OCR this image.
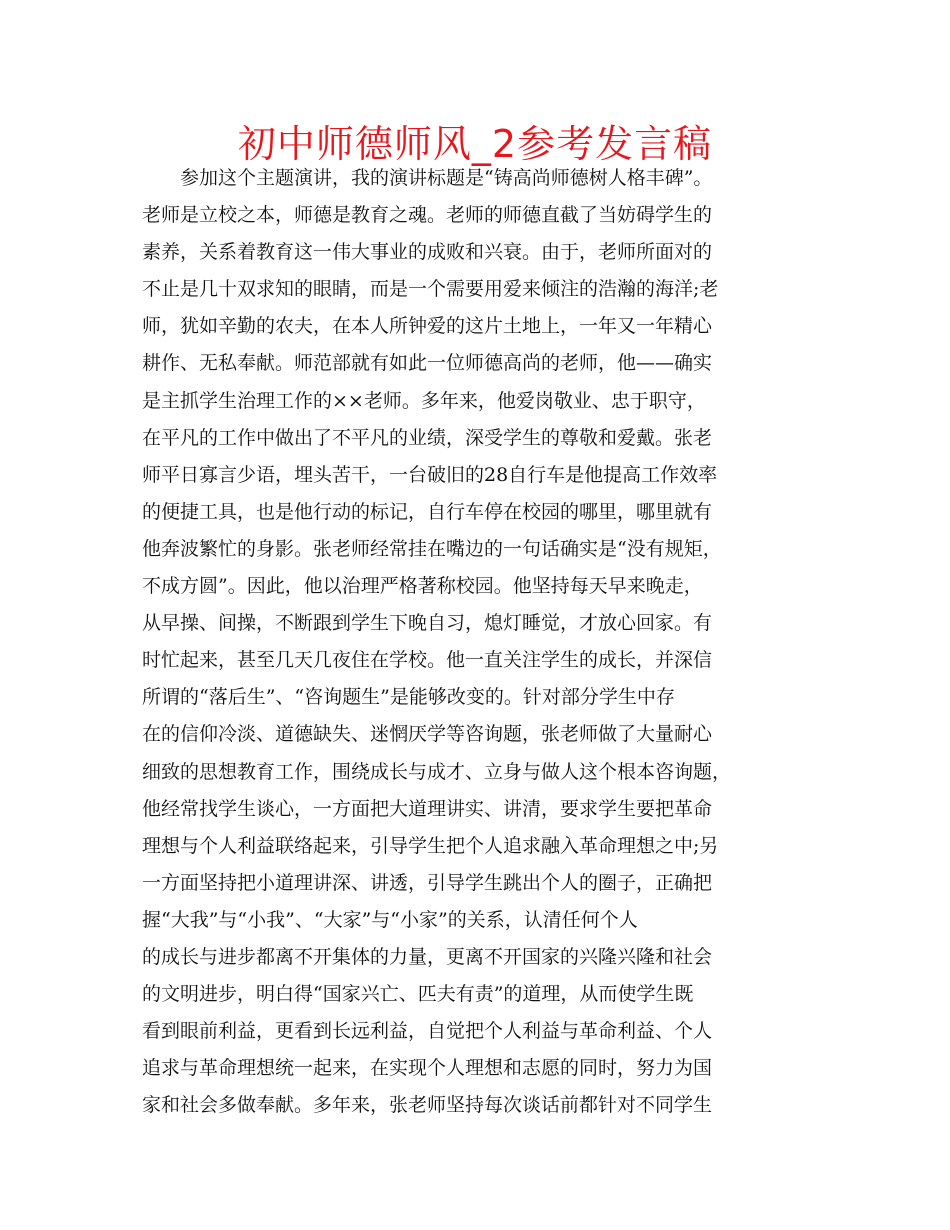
初中师德师风_2参考发言稿
参加这个主题演讲，我的演讲标题是“铸高尚师德树人格丰碑”。
老师是立校之本，师德是教育之魂。老师的师德直截了当妨碍学生的
素养，关系着教育这一伟大事业的成败和兴衰。由于，老师所面对的
不止是几十双求知的眼睛，而是一个需要用爱来倾注的浩瀚的海洋;老
师，犹如辛勤的农夫，在本人所钟爱的这片土地上，一年又一年精心
耕作、无私奉献。师范部就有如此一位师德高尚的老师，他——确实
是主抓学生治理工作的××老师。多年来，他爱岗敬业、忠于职守，
在平凡的工作中做出了不平凡的业绩，深受学生的尊敬和爱戴。张老
师平日寡言少语，埋头苦干，一台破旧的28自行车是他提高工作效率
的便捷工具，也是他行动的标记，自行车停在校园的哪里，哪里就有
他奔波繁忙的身影。张老师经常挂在嘴边的一句话确实是“没有规矩，
不成方圆”。因此，他以治理严格著称校园。他坚持每天早来晚走，
从早操、间操，不断跟到学生下晚自习，熄灯睡觉，才放心回家。有
时忙起来，甚至几天几夜住在学校。他一直关注学生的成长，并深信
所谓的“落后生”、“咨询题生”是能够改变的。针对部分学生中存
在的信仰冷淡、道德缺失、迷惘厌学等咨询题，张老师做了大量耐心
细致的思想教育工作，围绕成长与成才、立身与做人这个根本咨询题，
他经常找学生谈心，一方面把大道理讲实、讲清，要求学生要把革命
理想与个人利益联络起来，引导学生把个人追求融入革命理想之中;另
一方面坚持把小道理讲深、讲透，引导学生跳出个人的圈子，正确把
握“大我”与“小我”、“大家”与“小家”的关系，认清任何个人
的成长与进步都离不开集体的力量，更离不开国家的兴隆兴隆和社会
的文明进步，明白得“国家兴亡、匹夫有责”的道理，从而使学生既
看到眼前利益，更看到长远利益，自觉把个人利益与革命利益、个人
追求与革命理想统一起来，在实现个人理想和志愿的同时，努力为国
家和社会多做奉献。多年来，张老师坚持每次谈话前都针对不同学生
